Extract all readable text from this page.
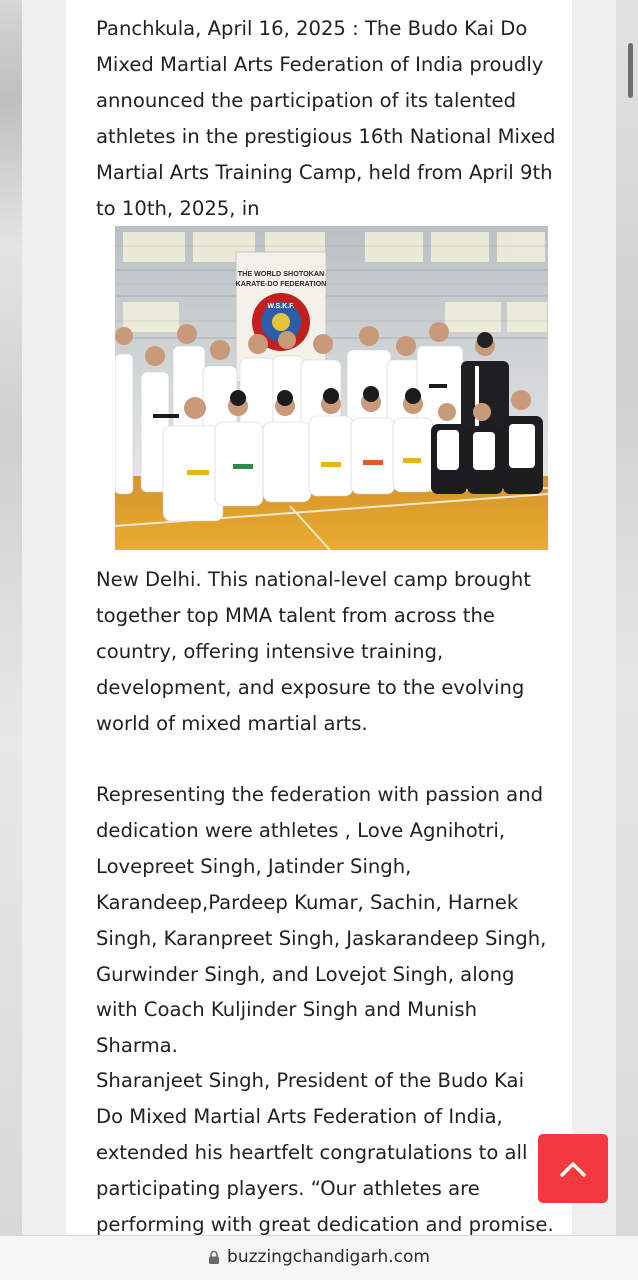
Panchkula, April 16, 2025 : The Budo Kai Do Mixed Martial Arts Federation of India proudly announced the participation of its talented athletes in the prestigious 16th National Mixed Martial Arts Training Camp, held from April 9th to 10th, 2025, in

THE WORLD SHOTOKAN
KARATE-DO FEDERATION
W.S.K.F.

New Delhi. This national-level camp brought together top MMA talent from across the country, offering intensive training, development, and exposure to the evolving world of mixed martial arts.

Representing the federation with passion and dedication were athletes , Love Agnihotri, Lovepreet Singh, Jatinder Singh, Karandeep,Pardeep Kumar, Sachin, Harnek Singh, Karanpreet Singh, Jaskarandeep Singh, Gurwinder Singh, and Lovejot Singh, along with Coach Kuljinder Singh and Munish Sharma.

Sharanjeet Singh, President of the Budo Kai Do Mixed Martial Arts Federation of India, extended his heartfelt congratulations to all participating players. “Our athletes are performing with great dedication and promise.

buzzingchandigarh.com
